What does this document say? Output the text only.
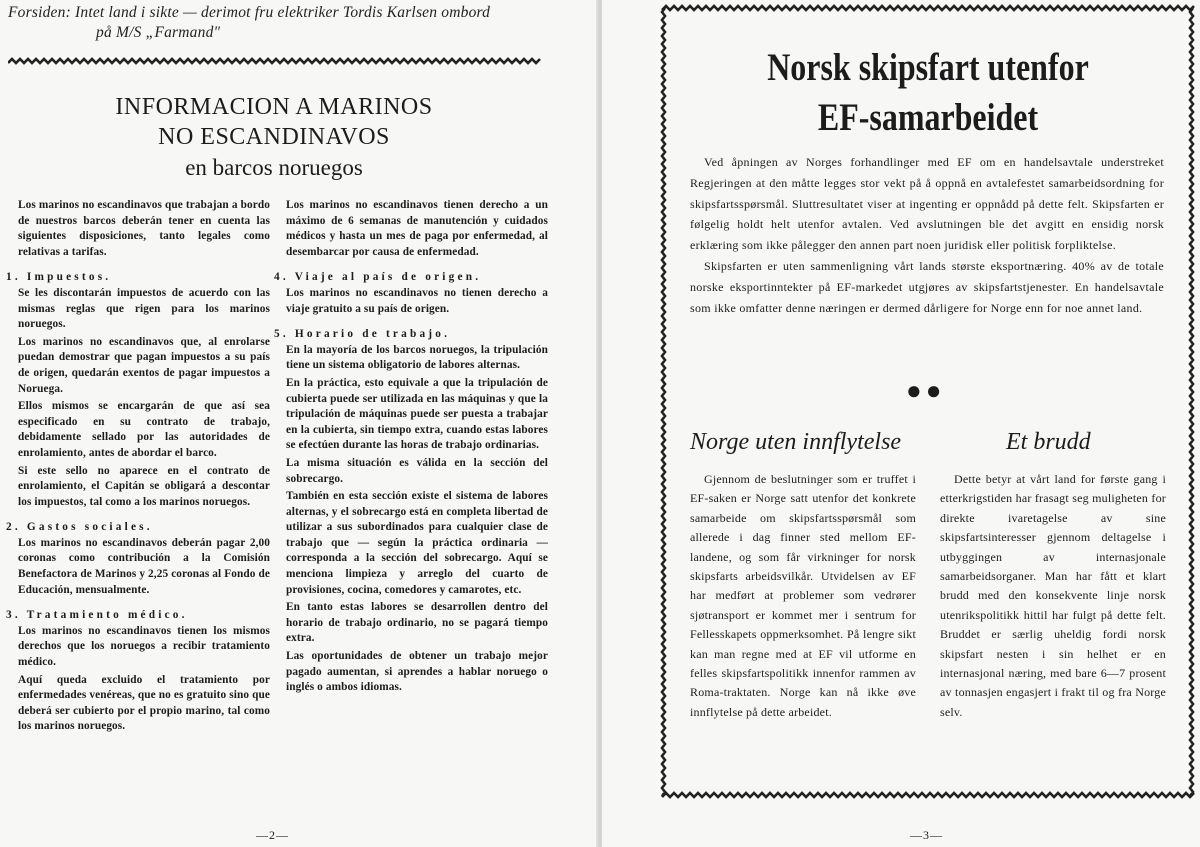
Forsiden: Intet land i sikte — derimot fru elektriker Tordis Karlsen ombord
på M/S „Farmand"
INFORMACION A MARINOS
NO ESCANDINAVOS
en barcos noruegos

Los marinos no escandinavos que trabajan a bordo de nuestros barcos deberán tener en cuenta las siguientes disposiciones, tanto legales como relativas a tarifas.

1. Impuestos.

Se les discontarán impuestos de acuerdo con las mismas reglas que rigen para los marinos noruegos.

Los marinos no escandinavos que, al enrolarse puedan demostrar que pagan impuestos a su país de origen, quedarán exentos de pagar impuestos a Noruega.

Ellos mismos se encargarán de que así sea especificado en su contrato de trabajo, debidamente sellado por las autoridades de enrolamiento, antes de abordar el barco.

Si este sello no aparece en el contrato de enrolamiento, el Capitán se obligará a descontar los impuestos, tal como a los marinos noruegos.

2. Gastos sociales.

Los marinos no escandinavos deberán pagar 2,00 coronas como contribución a la Comisión Benefactora de Marinos y 2,25 coronas al Fondo de Educación, mensualmente.

3. Tratamiento médico.

Los marinos no escandinavos tienen los mismos derechos que los noruegos a recibir tratamiento médico.

Aquí queda excluido el tratamiento por enfermedades venéreas, que no es gratuito sino que deberá ser cubierto por el propio marino, tal como los marinos noruegos.

Los marinos no escandinavos tienen derecho a un máximo de 6 semanas de manutención y cuidados médicos y hasta un mes de paga por enfermedad, al desembarcar por causa de enfermedad.

4. Viaje al país de origen.

Los marinos no escandinavos no tienen derecho a viaje gratuito a su país de origen.

5. Horario de trabajo.

En la mayoría de los barcos noruegos, la tripulación tiene un sistema obligatorio de labores alternas.

En la práctica, esto equivale a que la tripulación de cubierta puede ser utilizada en las máquinas y que la tripulación de máquinas puede ser puesta a trabajar en la cubierta, sin tiempo extra, cuando estas labores se efectúen durante las horas de trabajo ordinarias.

La misma situación es válida en la sección del sobrecargo.

También en esta sección existe el sistema de labores alternas, y el sobrecargo está en completa libertad de utilizar a sus subordinados para cualquier clase de trabajo que — según la práctica ordinaria — corresponda a la sección del sobrecargo. Aquí se menciona limpieza y arreglo del cuarto de provisiones, cocina, comedores y camarotes, etc.

En tanto estas labores se desarrollen dentro del horario de trabajo ordinario, no se pagará tiempo extra.

Las oportunidades de obtener un trabajo mejor pagado aumentan, si aprendes a hablar noruego o inglés o ambos idiomas.

—2—
Norsk skipsfart utenfor
EF-samarbeidet

Ved åpningen av Norges forhandlinger med EF om en handelsavtale understreket Regjeringen at den måtte legges stor vekt på å oppnå en avtalefestet samarbeidsordning for skipsfartsspørsmål. Sluttresultatet viser at ingenting er oppnådd på dette felt. Skipsfarten er følgelig holdt helt utenfor avtalen. Ved avslutningen ble det avgitt en ensidig norsk erklæring som ikke pålegger den annen part noen juridisk eller politisk forpliktelse.

Skipsfarten er uten sammenligning vårt lands største eksportnæring. 40% av de totale norske eksportinntekter på EF-markedet utgjøres av skipsfartstjenester. En handelsavtale som ikke omfatter denne næringen er dermed dårligere for Norge enn for noe annet land.

●●
Norge uten innflytelse	Et brudd

Gjennom de beslutninger som er truffet i EF-saken er Norge satt utenfor det konkrete samarbeide om skipsfartsspørsmål som allerede i dag finner sted mellom EF-landene, og som får virkninger for norsk skipsfarts arbeidsvilkår. Utvidelsen av EF har medført at problemer som vedrører sjøtransport er kommet mer i sentrum for Fellesskapets oppmerksomhet. På lengre sikt kan man regne med at EF vil utforme en felles skipsfartspolitikk innenfor rammen av Roma-traktaten. Norge kan nå ikke øve innflytelse på dette arbeidet.

Dette betyr at vårt land for første gang i etterkrigstiden har frasagt seg muligheten for direkte ivaretagelse av sine skipsfartsinteresser gjennom deltagelse i utbyggingen av internasjonale samarbeidsorganer. Man har fått et klart brudd med den konsekvente linje norsk utenrikspolitikk hittil har fulgt på dette felt. Bruddet er særlig uheldig fordi norsk skipsfart nesten i sin helhet er en internasjonal næring, med bare 6—7 prosent av tonnasjen engasjert i frakt til og fra Norge selv.

—3—
